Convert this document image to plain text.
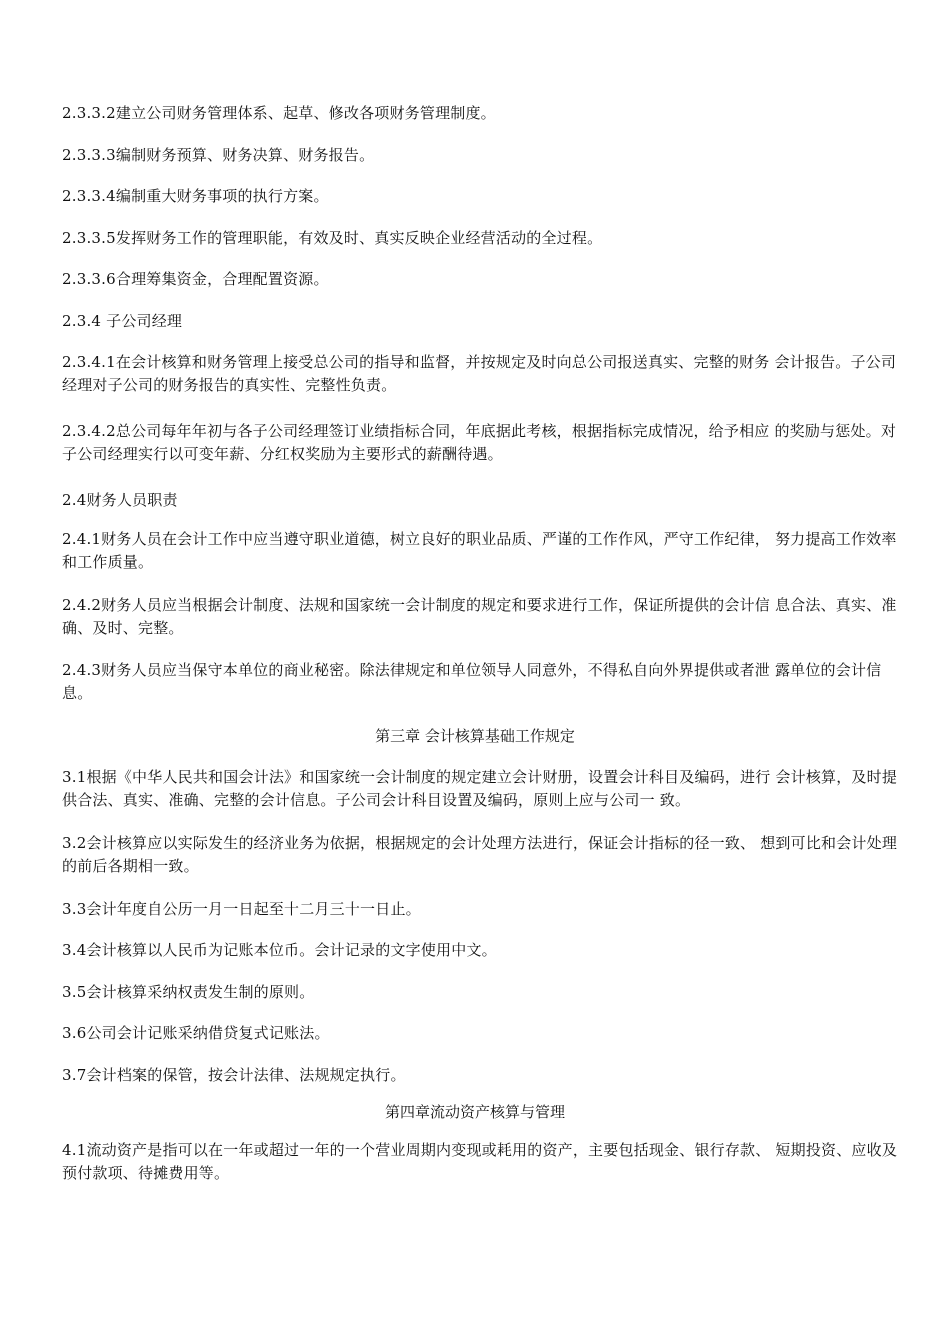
2.3.3.2建立公司财务管理体系、起草、修改各项财务管理制度。

2.3.3.3编制财务预算、财务决算、财务报告。

2.3.3.4编制重大财务事项的执行方案。

2.3.3.5发挥财务工作的管理职能，有效及时、真实反映企业经营活动的全过程。

2.3.3.6合理筹集资金，合理配置资源。

2.3.4 子公司经理

2.3.4.1在会计核算和财务管理上接受总公司的指导和监督，并按规定及时向总公司报送真实、完整的财务 会计报告。子公司经理对子公司的财务报告的真实性、完整性负责。

2.3.4.2总公司每年年初与各子公司经理签订业绩指标合同，年底据此考核，根据指标完成情况，给予相应 的奖励与惩处。对子公司经理实行以可变年薪、分红权奖励为主要形式的薪酬待遇。

2.4财务人员职责

2.4.1财务人员在会计工作中应当遵守职业道德，树立良好的职业品质、严谨的工作作风，严守工作纪律， 努力提高工作效率和工作质量。

2.4.2财务人员应当根据会计制度、法规和国家统一会计制度的规定和要求进行工作，保证所提供的会计信 息合法、真实、准确、及时、完整。

2.4.3财务人员应当保守本单位的商业秘密。除法律规定和单位领导人同意外，不得私自向外界提供或者泄 露单位的会计信息。

第三章 会计核算基础工作规定

3.1根据《中华人民共和国会计法》和国家统一会计制度的规定建立会计财册，设置会计科目及编码，进行 会计核算，及时提供合法、真实、准确、完整的会计信息。子公司会计科目设置及编码，原则上应与公司一 致。

3.2会计核算应以实际发生的经济业务为依据，根据规定的会计处理方法进行，保证会计指标的径一致、 想到可比和会计处理的前后各期相一致。

3.3会计年度自公历一月一日起至十二月三十一日止。

3.4会计核算以人民币为记账本位币。会计记录的文字使用中文。

3.5会计核算采纳权责发生制的原则。

3.6公司会计记账采纳借贷复式记账法。

3.7会计档案的保管，按会计法律、法规规定执行。

第四章流动资产核算与管理

4.1流动资产是指可以在一年或超过一年的一个营业周期内变现或耗用的资产，主要包括现金、银行存款、 短期投资、应收及预付款项、待摊费用等。
